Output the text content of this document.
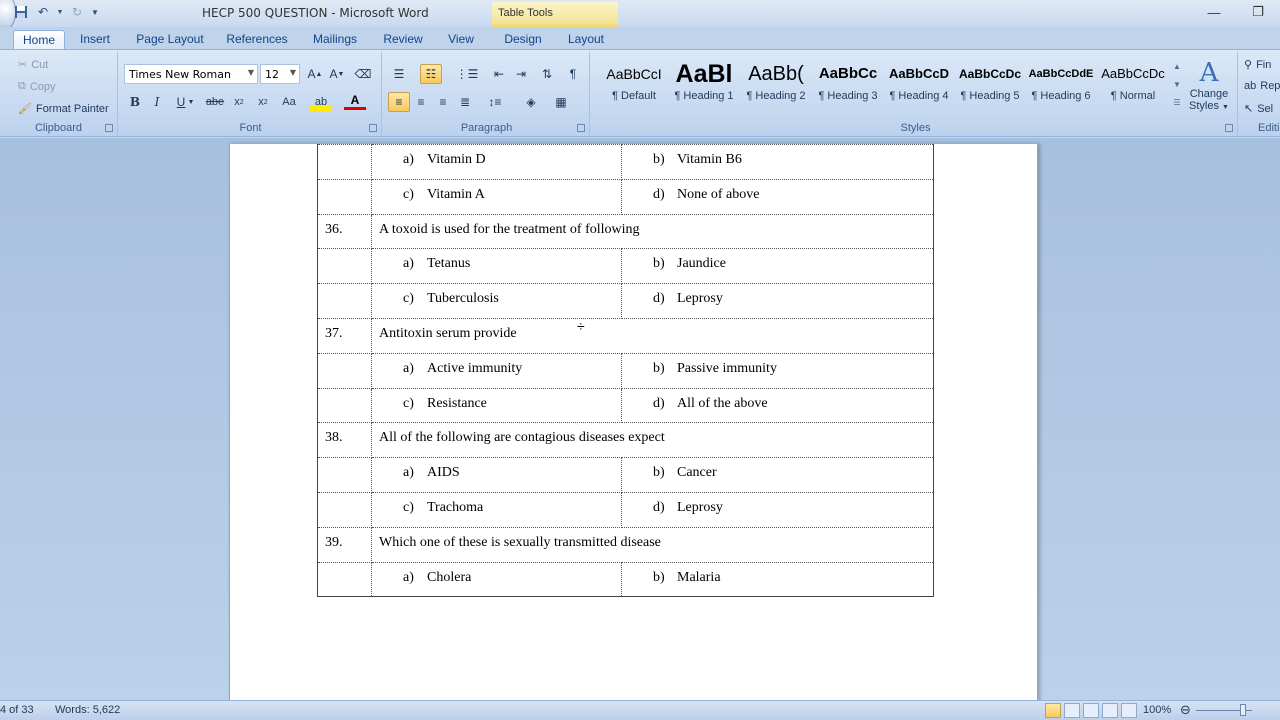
↶	▼ ↻	▼	HECP 500 QUESTION - Microsoft Word	Table Tools	—	❐
Home	Insert	Page Layout	References	Mailings	Review	View	Design	Layout
✂ Cut
⧉ Copy
🖌 Format Painter
Clipboard
Times New Roman ▼	12 ▼ A ▲ A ▼ ⌫
B	I	U ▼ abe x 2	x 2	Aa	ab	A
Font
☰	☷	⋮☰	⇤ ⇥	⇅	¶
≡	≡	≡	≣	↕≡	◈	▦
Paragraph
AaBbCcI
¶ Default
AaBl
¶ Heading 1
AaBb(
¶ Heading 2
AaBbCc
¶ Heading 3
AaBbCcD
¶ Heading 4
AaBbCcDc
¶ Heading 5
AaBbCcDdE
¶ Heading 6
AaBbCcDc
¶ Normal
▲
▼
☰
A
Change
Styles ▼
Styles
⚲ Fin
ab Rep
↖ Sel
Editi
	a) Vitamin D	b) Vitamin B6
	c) Vitamin A	d) None of above
36.	A toxoid is used for the treatment of following	
	a) Tetanus	b) Jaundice
	c) Tuberculosis	d) Leprosy
37.	Antitoxin serum provide	
	a) Active immunity	b) Passive immunity
	c) Resistance	d) All of the above
38.	All of the following are contagious diseases expect	
	a) AIDS	b) Cancer
	c) Trachoma	d) Leprosy
39.	Which one of these is sexually transmitted disease	
	a) Cholera	b) Malaria
÷
4 of 33 Words: 5,622	100% ⊖
